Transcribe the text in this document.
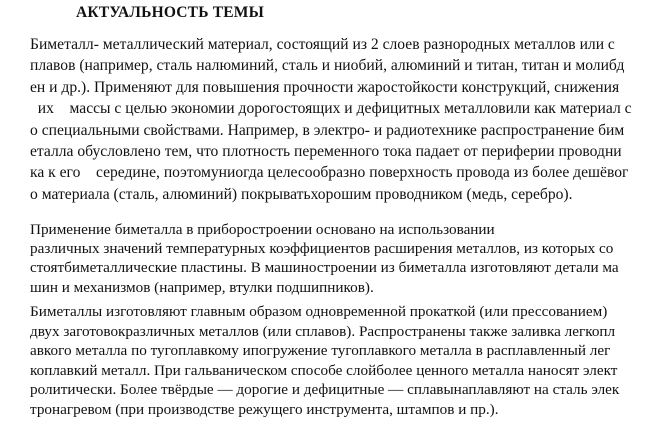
АКТУАЛЬНОСТЬ ТЕМЫ
Биметалл- металлический материал, состоящий из 2 слоев разнородных металлов или с
плавов (например, сталь налюминий, сталь и ниобий, алюминий и титан, титан и молибд
ен и др.). Применяют для повышения прочности жаростойкости конструкций, снижения
их    массы с целью экономии дорогостоящих и дефицитных металловили как материал с
о специальными свойствами. Например, в электро- и радиотехнике распространение бим
еталла обусловлено тем, что плотность переменного тока падает от периферии проводни
ка к его    середине, поэтомуниогда целесообразно поверхность провода из более дешёвог
о материала (сталь, алюминий) покрыватьхорошим проводником (медь, серебро).
Применение биметалла в приборостроении основано на использовании
различных значений температурных коэффициентов расширения металлов, из которых со
стоятбиметаллические пластины. В машиностроении из биметалла изготовляют детали ма
шин и механизмов (например, втулки подшипников).
Биметаллы изготовляют главным образом одновременной прокаткой (или прессованием)
двух заготовокразличных металлов (или сплавов). Распространены также заливка легкопл
авкого металла по тугоплавкому ипогружение тугоплавкого металла в расплавленный лег
коплавкий металл. При гальваническом способе слойболее ценного металла наносят элект
ролитически. Более твёрдые — дорогие и дефицитные — сплавынаплавляют на сталь элек
тронагревом (при производстве режущего инструмента, штампов и пр.).
